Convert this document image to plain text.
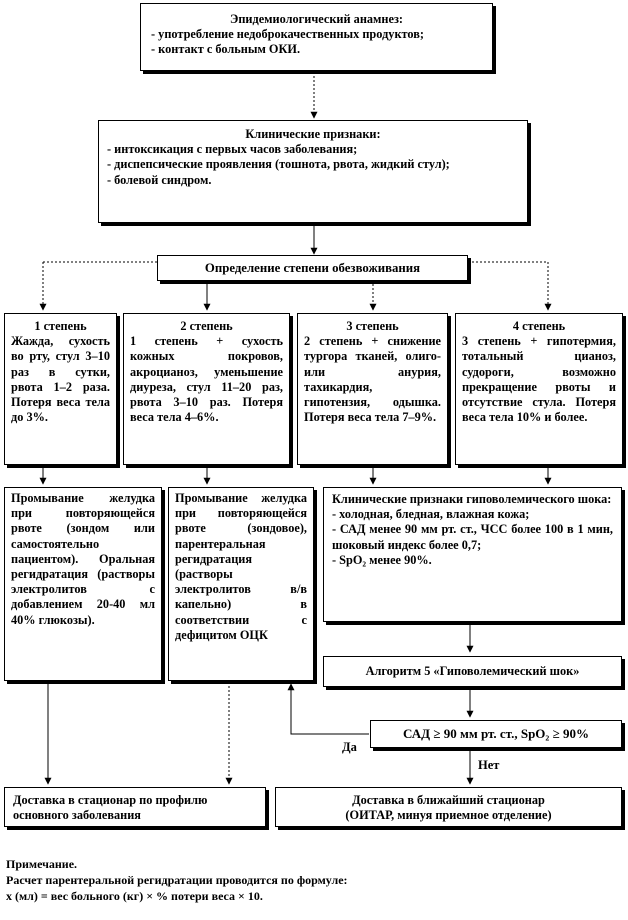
Эпидемиологический анамнез:
- употребление недоброкачественных продуктов;
- контакт с больным ОКИ.
Клинические признаки:
- интоксикация с первых часов заболевания;
- диспепсические проявления (тошнота, рвота, жидкий стул);
- болевой синдром.
Определение степени обезвоживания
1 степень
Жажда, сухость во рту, стул 3–10 раз в сутки, рвота 1–2 раза. Потеря веса тела до 3%.
2 степень
1 степень + сухость кожных покровов, акроцианоз, уменьшение диуреза, стул 11–20 раз, рвота 3–10 раз. Потеря веса тела 4–6%.
3 степень
2 степень + снижение тургора тканей, олиго- или анурия, тахикардия, гипотензия, одышка. Потеря веса тела 7–9%.
4 степень
3 степень + гипотермия, тотальный цианоз, судороги, возможно прекращение рвоты и отсутствие стула. Потеря веса тела 10% и более.
Промывание желудка при повторяющейся рвоте (зондом или самостоятельно пациентом). Оральная регидратация (растворы электролитов с добавлением 20-40 мл 40% глюкозы).
Промывание желудка при повторяющейся рвоте (зондовое), парентеральная регидратация (растворы электролитов в/в капельно) в соответствии с дефицитом ОЦК
Клинические признаки гиповолемического шока:
- холодная, бледная, влажная кожа;
- САД менее 90 мм рт. ст., ЧСС более 100 в 1 мин, шоковый индекс более 0,7;
- SpO₂ менее 90%.
Алгоритм 5 «Гиповолемический шок»
САД ≥ 90 мм рт. ст., SpO₂ ≥ 90%
Да
Нет
Доставка в стационар по профилю основного заболевания
Доставка в ближайший стационар
(ОИТАР, минуя приемное отделение)
Примечание.
Расчет парентеральной регидратации проводится по формуле:
х (мл) = вес больного (кг) × % потери веса × 10.
